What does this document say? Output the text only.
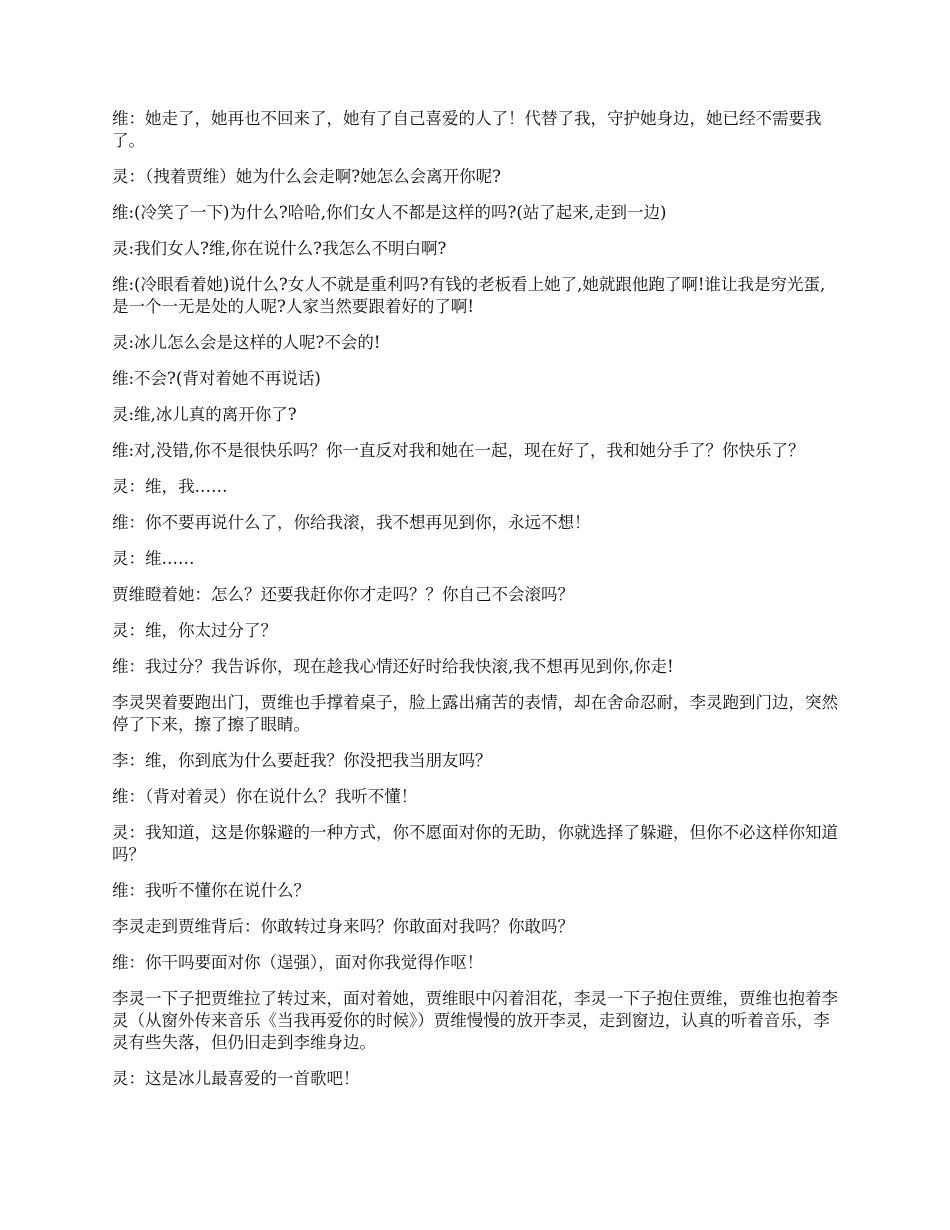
维：她走了，她再也不回来了，她有了自己喜爱的人了！代替了我，守护她身边，她已经不需要我了。

灵：（拽着贾维）她为什么会走啊?她怎么会离开你呢?

维:(冷笑了一下)为什么?哈哈,你们女人不都是这样的吗?(站了起来,走到一边)

灵:我们女人?维,你在说什么?我怎么不明白啊?

维:(冷眼看着她)说什么?女人不就是重利吗?有钱的老板看上她了,她就跟他跑了啊!谁让我是穷光蛋,是一个一无是处的人呢?人家当然要跟着好的了啊!

灵:冰儿怎么会是这样的人呢?不会的!

维:不会?(背对着她不再说话)

灵:维,冰儿真的离开你了?

维:对,没错,你不是很快乐吗？你一直反对我和她在一起，现在好了，我和她分手了？你快乐了？

灵：维，我……

维：你不要再说什么了，你给我滚，我不想再见到你，永远不想！

灵：维……

贾维瞪着她：怎么？还要我赶你你才走吗？？你自己不会滚吗？

灵：维，你太过分了？

维：我过分？我告诉你，现在趁我心情还好时给我快滚,我不想再见到你,你走!

李灵哭着要跑出门，贾维也手撑着桌子，脸上露出痛苦的表情，却在舍命忍耐，李灵跑到门边，突然停了下来，擦了擦了眼睛。

李：维，你到底为什么要赶我？你没把我当朋友吗？

维：（背对着灵）你在说什么？我听不懂！

灵：我知道，这是你躲避的一种方式，你不愿面对你的无助，你就选择了躲避，但你不必这样你知道吗？

维：我听不懂你在说什么？

李灵走到贾维背后：你敢转过身来吗？你敢面对我吗？你敢吗？

维：你干吗要面对你（逞强），面对你我觉得作呕！

李灵一下子把贾维拉了转过来，面对着她，贾维眼中闪着泪花，李灵一下子抱住贾维，贾维也抱着李灵（从窗外传来音乐《当我再爱你的时候》）贾维慢慢的放开李灵，走到窗边，认真的听着音乐，李灵有些失落，但仍旧走到李维身边。

灵：这是冰儿最喜爱的一首歌吧！
